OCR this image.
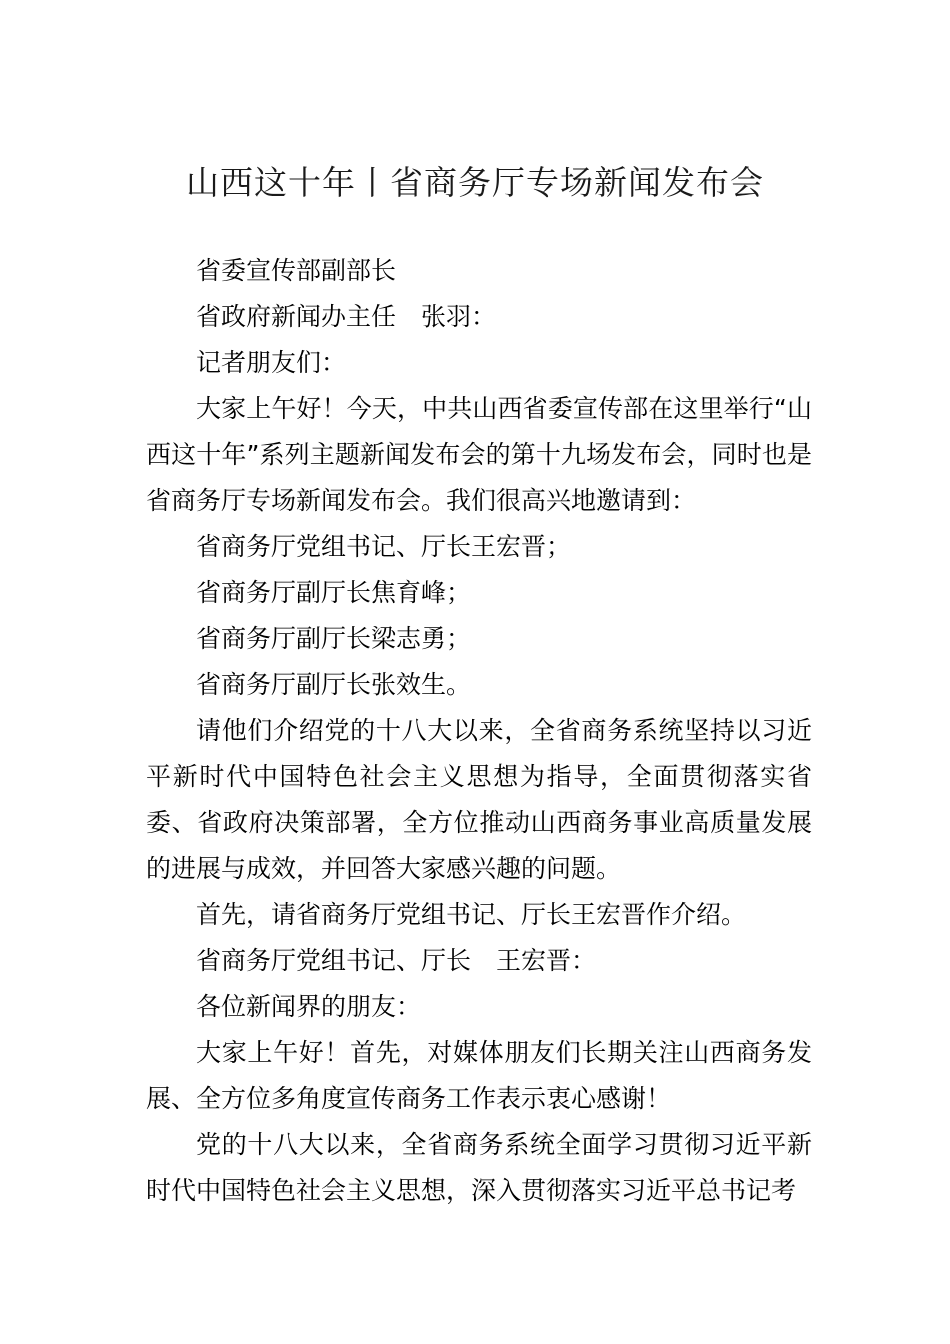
山西这十年丨省商务厅专场新闻发布会

省委宣传部副部长

省政府新闻办主任　张羽：

记者朋友们：

大家上午好！今天，中共山西省委宣传部在这里举行“山西这十年”系列主题新闻发布会的第十九场发布会，同时也是省商务厅专场新闻发布会。我们很高兴地邀请到：

省商务厅党组书记、厅长王宏晋；

省商务厅副厅长焦育峰；

省商务厅副厅长梁志勇；

省商务厅副厅长张效生。

请他们介绍党的十八大以来，全省商务系统坚持以习近平新时代中国特色社会主义思想为指导，全面贯彻落实省委、省政府决策部署，全方位推动山西商务事业高质量发展的进展与成效，并回答大家感兴趣的问题。

首先，请省商务厅党组书记、厅长王宏晋作介绍。

省商务厅党组书记、厅长　王宏晋：

各位新闻界的朋友：

大家上午好！首先，对媒体朋友们长期关注山西商务发展、全方位多角度宣传商务工作表示衷心感谢！

党的十八大以来，全省商务系统全面学习贯彻习近平新时代中国特色社会主义思想，深入贯彻落实习近平总书记考
